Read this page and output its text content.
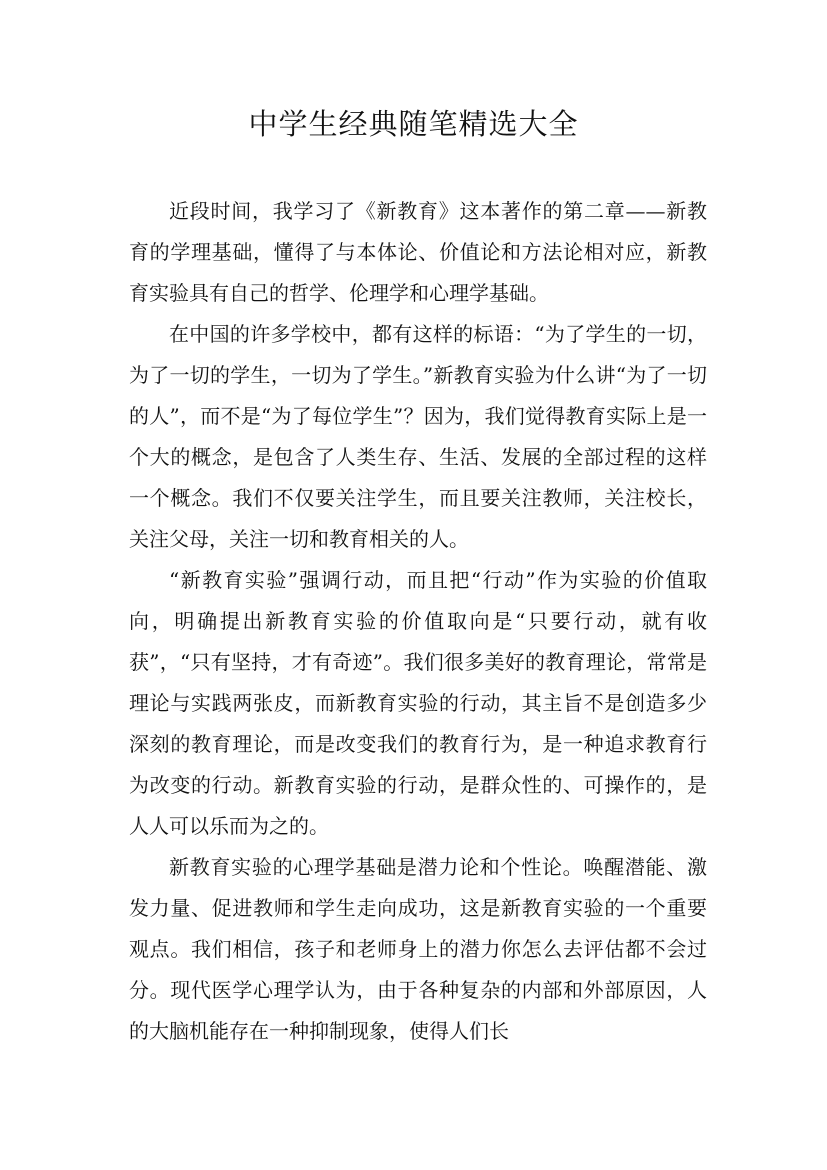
中学生经典随笔精选大全

近段时间，我学习了《新教育》这本著作的第二章——新教育的学理基础，懂得了与本体论、价值论和方法论相对应，新教育实验具有自己的哲学、伦理学和心理学基础。

在中国的许多学校中，都有这样的标语：“为了学生的一切，为了一切的学生，一切为了学生。”新教育实验为什么讲“为了一切的人”，而不是“为了每位学生”？因为，我们觉得教育实际上是一个大的概念，是包含了人类生存、生活、发展的全部过程的这样一个概念。我们不仅要关注学生，而且要关注教师，关注校长，关注父母，关注一切和教育相关的人。

“新教育实验”强调行动，而且把“行动”作为实验的价值取向，明确提出新教育实验的价值取向是“只要行动，就有收获”，“只有坚持，才有奇迹”。我们很多美好的教育理论，常常是理论与实践两张皮，而新教育实验的行动，其主旨不是创造多少深刻的教育理论，而是改变我们的教育行为，是一种追求教育行为改变的行动。新教育实验的行动，是群众性的、可操作的，是人人可以乐而为之的。

新教育实验的心理学基础是潜力论和个性论。唤醒潜能、激发力量、促进教师和学生走向成功，这是新教育实验的一个重要观点。我们相信，孩子和老师身上的潜力你怎么去评估都不会过分。现代医学心理学认为，由于各种复杂的内部和外部原因，人的大脑机能存在一种抑制现象，使得人们长
